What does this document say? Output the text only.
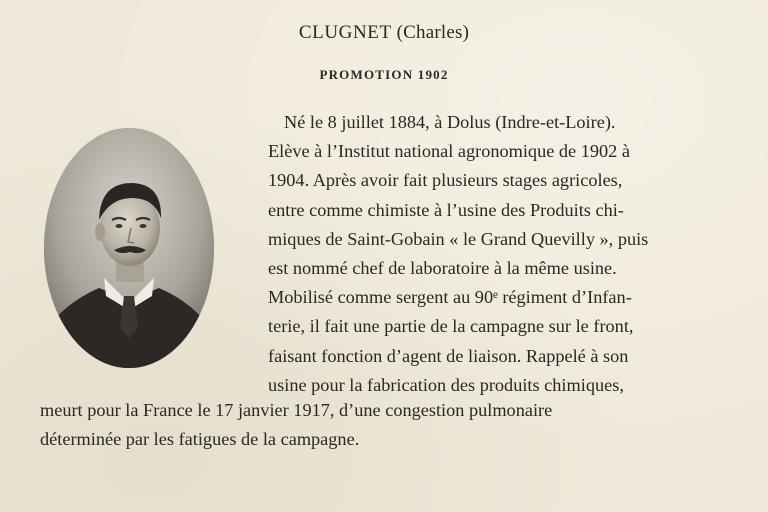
CLUGNET (Charles)
PROMOTION 1902
Né le 8 juillet 1884, à Dolus (Indre-et-Loire).
Elève à l’Institut national agronomique de 1902 à
1904. Après avoir fait plusieurs stages agricoles,
entre comme chimiste à l’usine des Produits chi-
miques de Saint-Gobain « le Grand Quevilly », puis
est nommé chef de laboratoire à la même usine.
Mobilisé comme sergent au 90ᵉ régiment d’Infan-
terie, il fait une partie de la campagne sur le front,
faisant fonction d’agent de liaison. Rappelé à son
usine pour la fabrication des produits chimiques,
meurt pour la France le 17 janvier 1917, d’une congestion pulmonaire
déterminée par les fatigues de la campagne.
